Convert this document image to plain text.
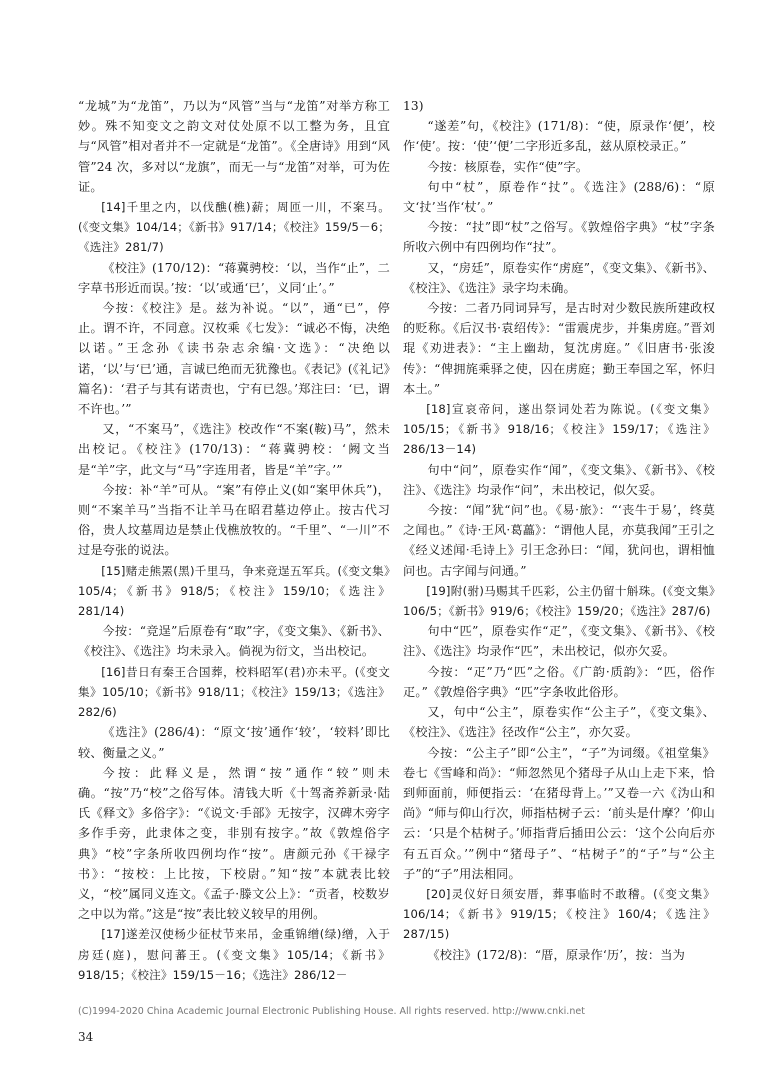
“龙城”为“龙笛”，乃以为“风管”当与“龙笛”对举方称工妙。殊不知变文之韵文对仗处原不以工整为务，且宜与“风管”相对者并不一定就是“龙笛”。《全唐诗》用到“风管”24 次，多对以“龙旗”，而无一与“龙笛”对举，可为佐证。

[14]千里之内，以伐醮(樵)薪；周匝一川，不案马。(《变文集》104/14；《新书》917/14；《校注》159/5－6；《选注》281/7)

《校注》(170/12)：“蒋冀骋校：‘以，当作“止”，二字草书形近而误。’按：‘以’或通‘已’，义同‘止’。”

今按：《校注》是。兹为补说。“以”，通“已”，停止。谓不许，不同意。汉枚乘《七发》：“诚必不悔，决绝以诺。”王念孙《读书杂志余编·文选》：“决绝以诺，‘以’与‘已’通，言诚已绝而无犹豫也。《表记》(《礼记》篇名)：‘君子与其有诺责也，宁有已怨。’郑注曰：‘已，谓不许也。’”

又，“不案马”，《选注》校改作“不案(鞍)马”，然未出校记。《校注》(170/13)：“蒋冀骋校：‘阙文当是“羊”字，此文与“马”字连用者，皆是“羊”字。’”

今按：补“羊”可从。“案”有停止义(如“案甲休兵”)，则“不案羊马”当指不让羊马在昭君墓边停止。按古代习俗，贵人坟墓周边是禁止伐樵放牧的。“千里”、“一川”不过是夸张的说法。

[15]赌走熊罴(黑)千里马，争来竞逞五军兵。(《变文集》105/4；《新书》918/5；《校注》159/10；《选注》281/14)

今按：“竞逞”后原卷有“取”字，《变文集》、《新书》、《校注》、《选注》均未录入。倘视为衍文，当出校记。

[16]昔日有秦王合国葬，校料昭军(君)亦未平。(《变文集》105/10；《新书》918/11；《校注》159/13；《选注》282/6)

《选注》(286/4)：“原文‘按’通作‘较’，‘较料’即比较、衡量之义。”

今按：此释义是，然谓“按”通作“较”则未确。“按”乃“校”之俗写体。清钱大昕《十驾斋养新录·陆氏《释文》多俗字》：“《说文·手部》无按字，汉碑木旁字多作手旁，此隶体之变，非别有按字。”故《敦煌俗字典》“校”字条所收四例均作“按”。唐颜元孙《干禄字书》：“按校：上比按，下校尉。”知“按”本就表比较义，“校”属同义连文。《孟子·滕文公上》：“贡者，校数岁之中以为常。”这是“按”表比较义较早的用例。

[17]遂差汉使杨少征杖节来吊，金重锦缯(绿)缯，入于房廷(庭)，慰问蕃王。(《变文集》105/14；《新书》918/15；《校注》159/15－16；《选注》286/12－

13)

“遂差”句，《校注》(171/8)：“使，原录作‘便’，校作‘使’。按：‘使’‘便’二字形近多乱，兹从原校录正。”

今按：核原卷，实作“使”字。

句中“杖”，原卷作“扙”。《选注》(288/6)：“原文‘扙’当作‘杖’。”

今按：“扙”即“杖”之俗写。《敦煌俗字典》“杖”字条所收六例中有四例均作“扙”。

又，“房廷”，原卷实作“虏庭”，《变文集》、《新书》、《校注》、《选注》录字均未确。

今按：二者乃同词异写，是古时对少数民族所建政权的贬称。《后汉书·袁绍传》：“雷震虎步，并集虏庭。”晋刘琨《劝进表》：“主上幽劫，复沈虏庭。”《旧唐书·张浚传》：“俾拥旄乘驿之使，囚在虏庭；勤王奉国之军，怀归本土。”

[18]宣哀帝问，遂出祭词处若为陈说。(《变文集》105/15；《新书》918/16；《校注》159/17；《选注》286/13－14)

句中“问”，原卷实作“闻”，《变文集》、《新书》、《校注》、《选注》均录作“问”，未出校记，似欠妥。

今按：“闻”犹“问”也。《易·旅》：“‘丧牛于易’，终莫之闻也。”《诗·王风·葛藟》：“谓他人昆，亦莫我闻”王引之《经义述闻·毛诗上》引王念孙曰：“闻，犹问也，谓相恤问也。古字闻与问通。”

[19]附(驸)马赐其千匹彩，公主仍留十斛珠。(《变文集》106/5；《新书》919/6；《校注》159/20；《选注》287/6)

句中“匹”，原卷实作“疋”，《变文集》、《新书》、《校注》、《选注》均录作“匹”，未出校记，似亦欠妥。

今按：“疋”乃“匹”之俗。《广韵·质韵》：“匹，俗作疋。”《敦煌俗字典》“匹”字条收此俗形。

又，句中“公主”，原卷实作“公主子”，《变文集》、《校注》、《选注》径改作“公主”，亦欠妥。

今按：“公主子”即“公主”，“子”为词缀。《祖堂集》卷七《雪峰和尚》：“师忽然见个猪母子从山上走下来，恰到师面前，师便指云：‘在猪母背上。’”又卷一六《沩山和尚》“师与仰山行次，师指枯树子云：‘前头是什摩？’仰山云：‘只是个枯树子。’师指背后插田公云：‘这个公向后亦有五百众。’”例中“猪母子”、“枯树子”的“子”与“公主子”的“子”用法相同。

[20]灵仪好日须安厝，葬事临时不敢稽。(《变文集》106/14；《新书》919/15；《校注》160/4；《选注》287/15)

《校注》(172/8)：“厝，原录作‘历’，按：当为

(C)1994-2020 China Academic Journal Electronic Publishing House. All rights reserved. http://www.cnki.net
34
